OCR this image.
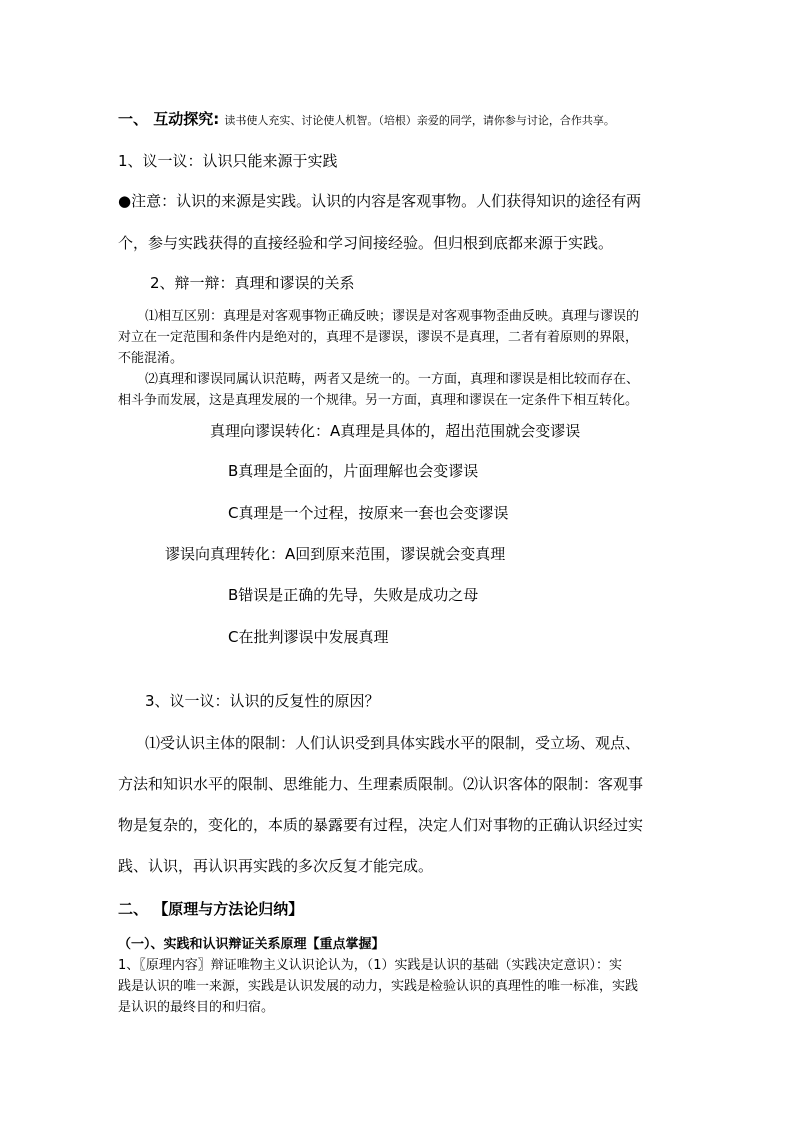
一、 互动探究: 读书使人充实、讨论使人机智。（培根）亲爱的同学，请你参与讨论，合作共享。

1、议一议：认识只能来源于实践

●注意：认识的来源是实践。认识的内容是客观事物。人们获得知识的途径有两

个，参与实践获得的直接经验和学习间接经验。但归根到底都来源于实践。

2、辩一辩：真理和谬误的关系

⑴相互区别：真理是对客观事物正确反映；谬误是对客观事物歪曲反映。真理与谬误的

对立在一定范围和条件内是绝对的，真理不是谬误，谬误不是真理，二者有着原则的界限，

不能混淆。

⑵真理和谬误同属认识范畴，两者又是统一的。一方面，真理和谬误是相比较而存在、

相斗争而发展，这是真理发展的一个规律。另一方面，真理和谬误在一定条件下相互转化。

真理向谬误转化：A真理是具体的，超出范围就会变谬误

B真理是全面的，片面理解也会变谬误

C真理是一个过程，按原来一套也会变谬误

谬误向真理转化：A回到原来范围，谬误就会变真理

B错误是正确的先导，失败是成功之母

C在批判谬误中发展真理

3、议一议：认识的反复性的原因？

⑴受认识主体的限制：人们认识受到具体实践水平的限制，受立场、观点、

方法和知识水平的限制、思维能力、生理素质限制。⑵认识客体的限制：客观事

物是复杂的，变化的，本质的暴露要有过程，决定人们对事物的正确认识经过实

践、认识，再认识再实践的多次反复才能完成。

二、 【原理与方法论归纳】

（一）、实践和认识辩证关系原理【重点掌握】

1、〖原理内容〗辩证唯物主义认识论认为，（1）实践是认识的基础（实践决定意识）：实

践是认识的唯一来源，实践是认识发展的动力，实践是检验认识的真理性的唯一标准，实践

是认识的最终目的和归宿。
